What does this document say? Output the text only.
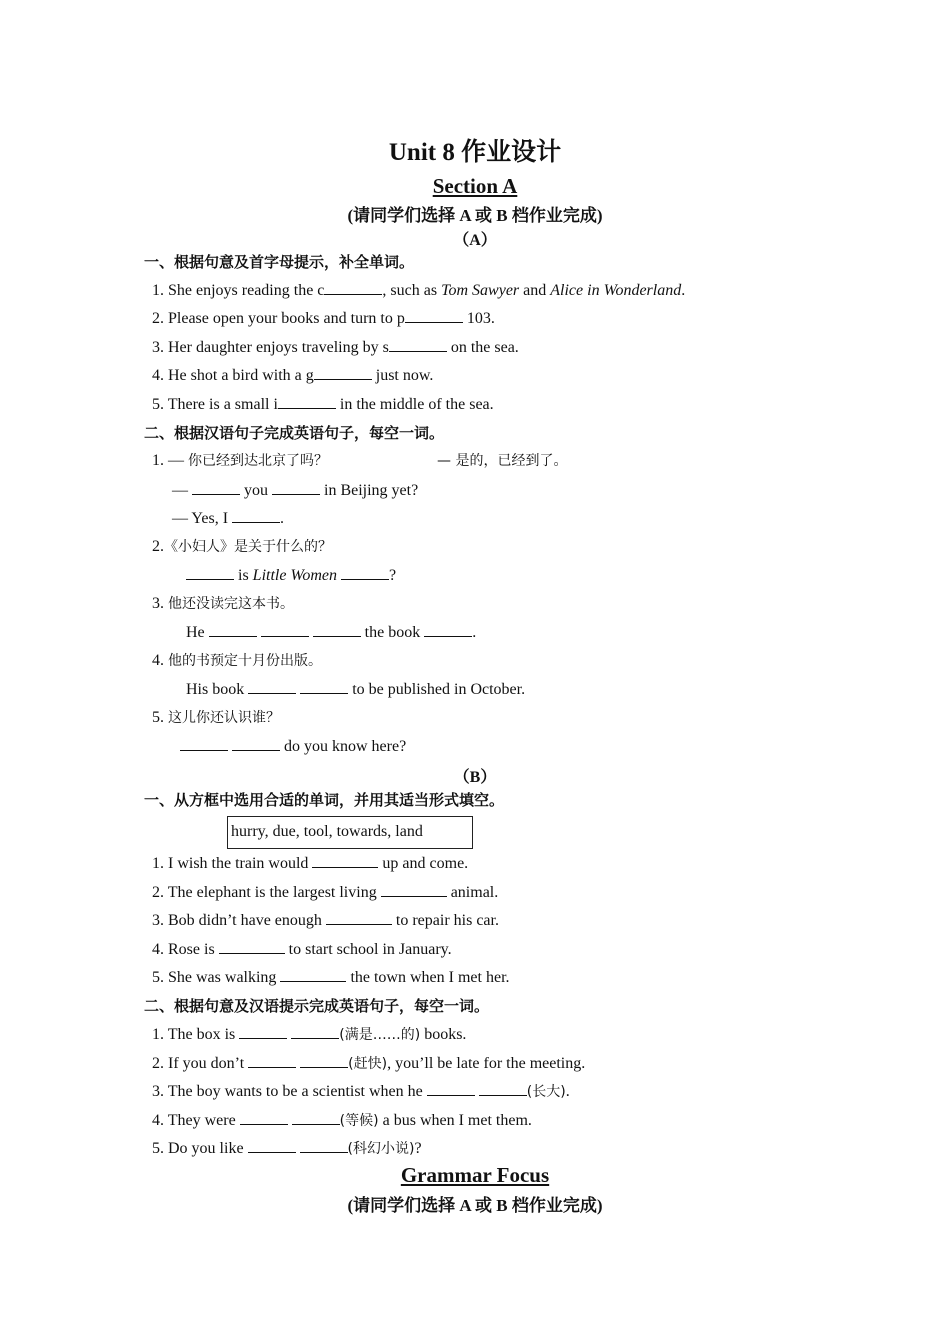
Unit 8 作业设计
Section A
(请同学们选择 A 或 B 档作业完成)
（A）
一、根据句意及首字母提示，补全单词。
1. She enjoys reading the c	, such as Tom Sawyer and Alice in Wonderland.
2. Please open your books and turn to p	103.
3. Her daughter enjoys traveling by s	on the sea.
4. He shot a bird with a g	just now.
5. There is a small i	in the middle of the sea.
二、根据汉语句子完成英语句子，每空一词。
1. — 你已经到达北京了吗？	— 是的，已经到了。
—	you	in Beijing yet?
— Yes, I	.
2.《小妇人》是关于什么的？
is Little Women	?
3. 他还没读完这本书。
He	the book	.
4. 他的书预定十月份出版。
His book	to be published in October.
5. 这儿你还认识谁？
do you know here?
（B）
一、从方框中选用合适的单词，并用其适当形式填空。
hurry, due, tool, towards, land
1. I wish the train would	up and come.
2. The elephant is the largest living	animal.
3. Bob didn’t have enough	to repair his car.
4. Rose is	to start school in January.
5. She was walking	the town when I met her.
二、根据句意及汉语提示完成英语句子，每空一词。
1. The box is	(满是……的) books.
2. If you don’t	(赶快), you’ll be late for the meeting.
3. The boy wants to be a scientist when he	(长大).
4. They were	(等候) a bus when I met them.
5. Do you like	(科幻小说)?
Grammar Focus
(请同学们选择 A 或 B 档作业完成)
